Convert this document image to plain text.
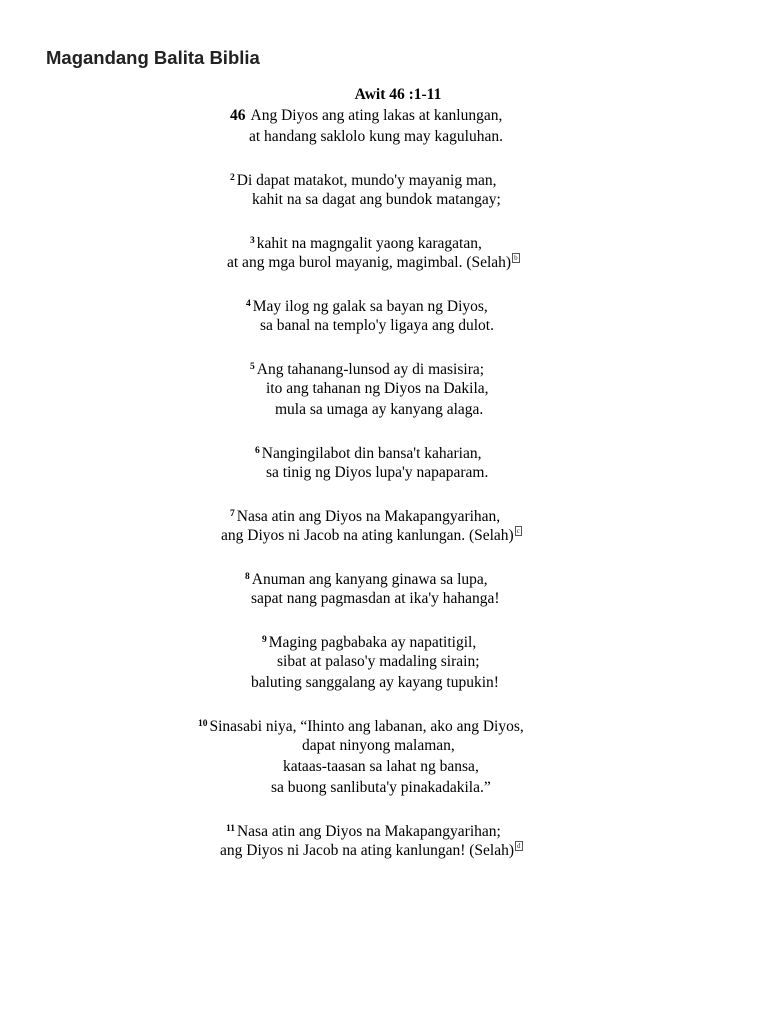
Magandang Balita Biblia
Awit 46 :1-11
46 Ang Diyos ang ating lakas at kanlungan,
at handang saklolo kung may kaguluhan.
$^2$ Di dapat matakot, mundo'y mayanig man,
kahit na sa dagat ang bundok matangay;
$^3$ kahit na magngalit yaong karagatan,
at ang mga burol mayanig, magimbal. (Selah) b
$^4$ May ilog ng galak sa bayan ng Diyos,
sa banal na templo'y ligaya ang dulot.
$^5$ Ang tahanang-lunsod ay di masisira;
ito ang tahanan ng Diyos na Dakila,
mula sa umaga ay kanyang alaga.
$^6$ Nangingilabot din bansa't kaharian,
sa tinig ng Diyos lupa'y napaparam.
$^7$ Nasa atin ang Diyos na Makapangyarihan,
ang Diyos ni Jacob na ating kanlungan. (Selah) c
$^8$ Anuman ang kanyang ginawa sa lupa,
sapat nang pagmasdan at ika'y hahanga!
$^9$ Maging pagbabaka ay napatitigil,
sibat at palaso'y madaling sirain;
baluting sanggalang ay kayang tupukin!
$^{10}$ Sinasabi niya, “Ihinto ang labanan, ako ang Diyos,
dapat ninyong malaman,
kataas-taasan sa lahat ng bansa,
sa buong sanlibuta'y pinakadakila.”
$^{11}$ Nasa atin ang Diyos na Makapangyarihan;
ang Diyos ni Jacob na ating kanlungan! (Selah) d
